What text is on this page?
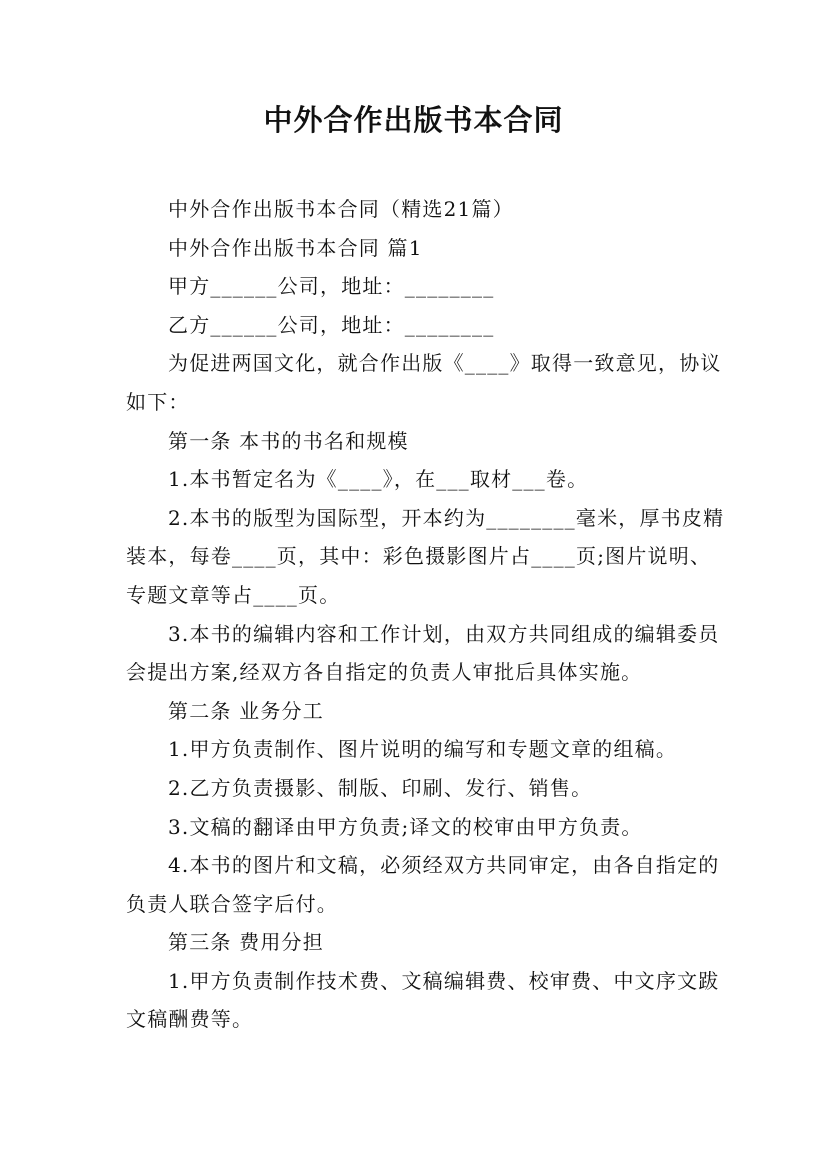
中外合作出版书本合同

中外合作出版书本合同（精选21篇）

中外合作出版书本合同 篇1

甲方______公司，地址：________

乙方______公司，地址：________

为促进两国文化，就合作出版《____》取得一致意见，协议如下：

第一条 本书的书名和规模

1.本书暂定名为《____》，在___取材___卷。

2.本书的版型为国际型，开本约为________毫米，厚书皮精装本，每卷____页，其中：彩色摄影图片占____页;图片说明、专题文章等占____页。

3.本书的编辑内容和工作计划，由双方共同组成的编辑委员会提出方案,经双方各自指定的负责人审批后具体实施。

第二条 业务分工

1.甲方负责制作、图片说明的编写和专题文章的组稿。

2.乙方负责摄影、制版、印刷、发行、销售。

3.文稿的翻译由甲方负责;译文的校审由甲方负责。

4.本书的图片和文稿，必须经双方共同审定，由各自指定的负责人联合签字后付。

第三条 费用分担

1.甲方负责制作技术费、文稿编辑费、校审费、中文序文跋文稿酬费等。
